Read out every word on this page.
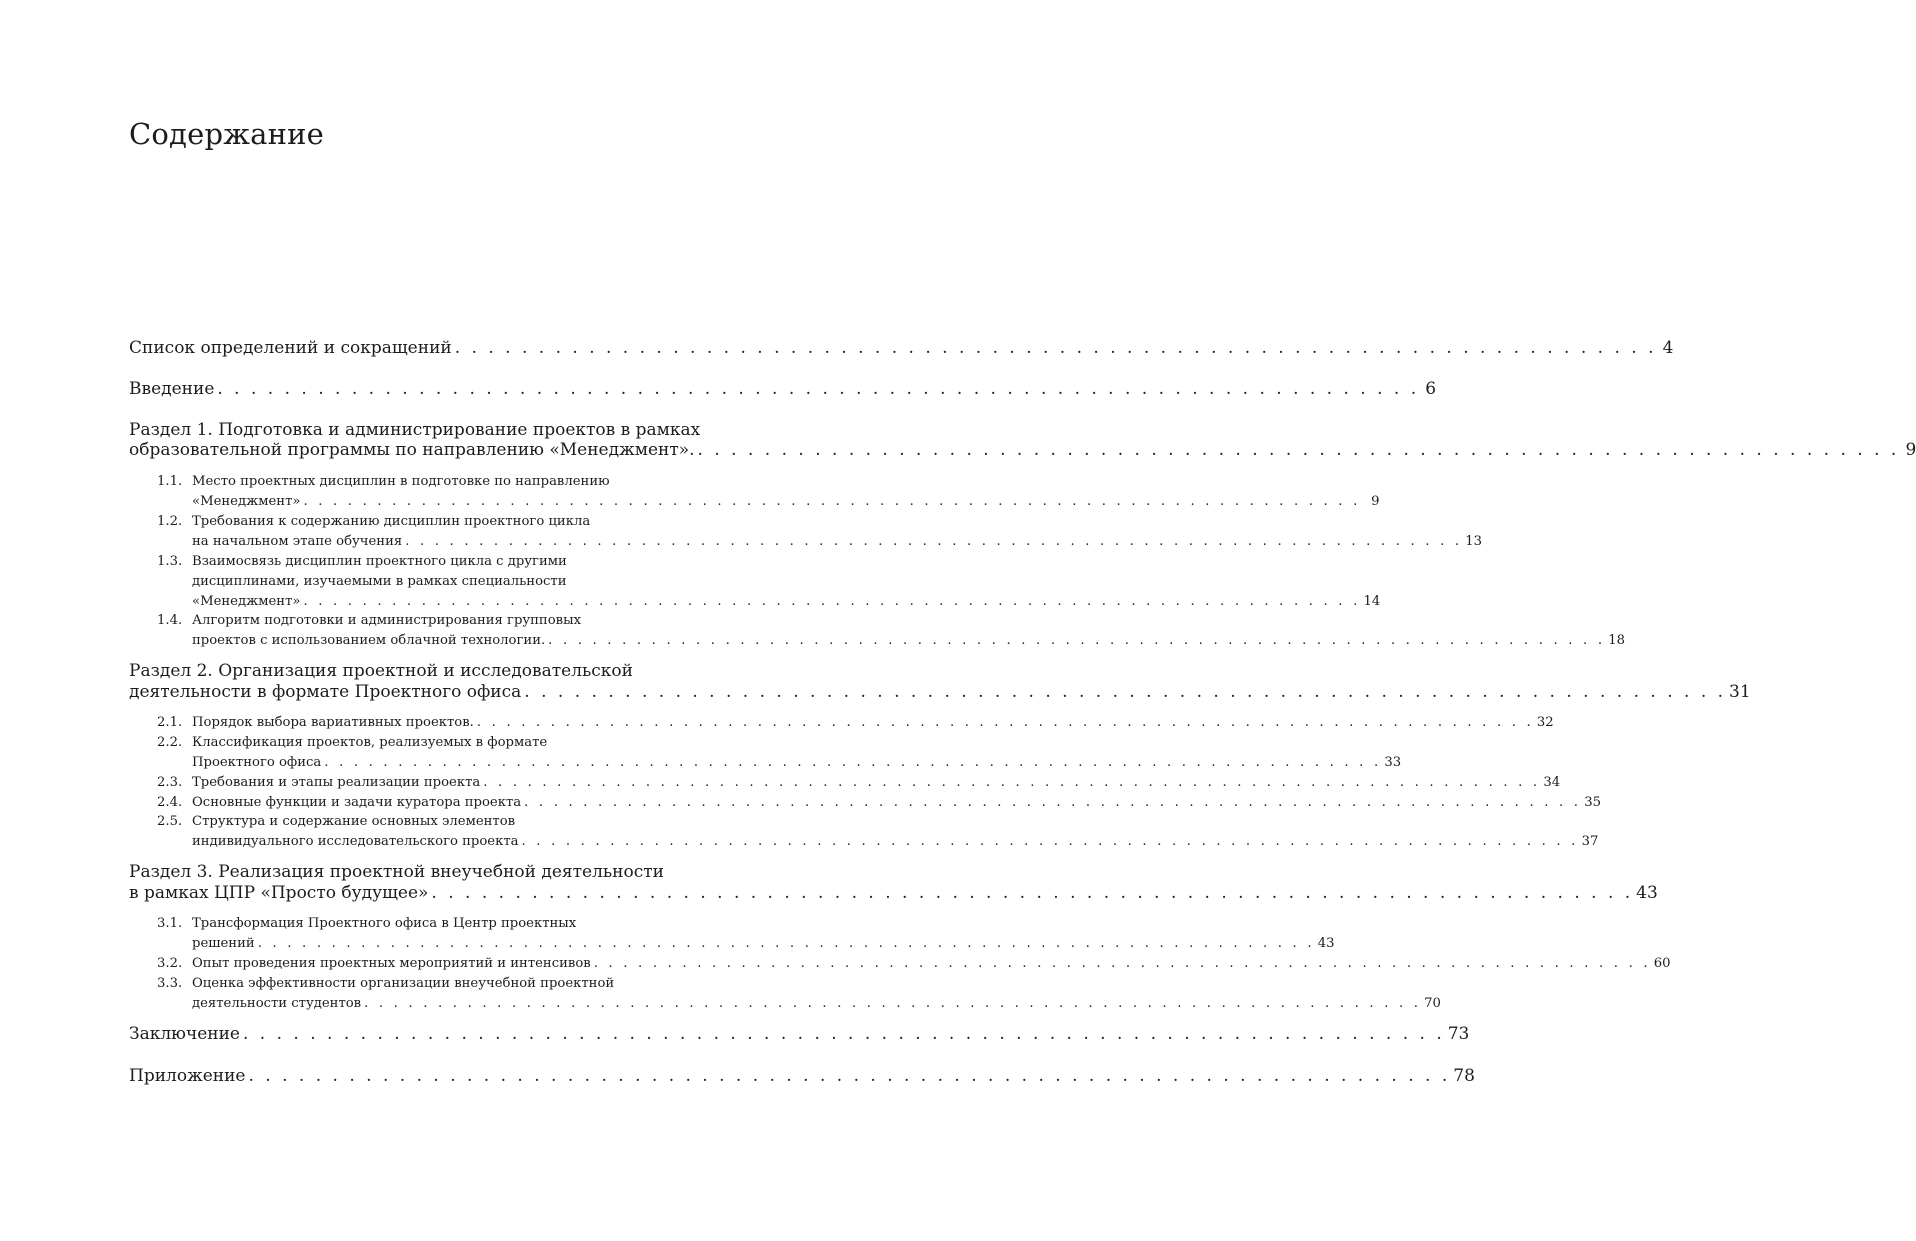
Содержание
Список определений и сокращений . . . . . . . . . . . . . . . . . . . . . . . . . . . . . . . . . . . . . . . . . . . . . . . . . . . . . . . . . . . . . . . . . . . . . . . . 4
Введение . . . . . . . . . . . . . . . . . . . . . . . . . . . . . . . . . . . . . . . . . . . . . . . . . . . . . . . . . . . . . . . . . . . . . . . . 6
Раздел 1. Подготовка и администрирование проектов в рамках
образовательной программы по направлению «Менеджмент». . . . . . . . . . . . . . . . . . . . . . . . . . . . . . . . . . . . . . . . . . . . . . . . . . . . . . . . . . . . . . . . . . . . . . . . . 9
Место проектных дисциплин в подготовке по направлению
«Менеджмент» . . . . . . . . . . . . . . . . . . . . . . . . . . . . . . . . . . . . . . . . . . . . . . . . . . . . . . . . . . . . . . . . . . . . . . . . 9
1.1.
Требования к содержанию дисциплин проектного цикла
на начальном этапе обучения . . . . . . . . . . . . . . . . . . . . . . . . . . . . . . . . . . . . . . . . . . . . . . . . . . . . . . . . . . . . . . . . . . . . . . . . 13
1.2.
Взаимосвязь дисциплин проектного цикла с другими
дисциплинами, изучаемыми в рамках специальности
«Менеджмент» . . . . . . . . . . . . . . . . . . . . . . . . . . . . . . . . . . . . . . . . . . . . . . . . . . . . . . . . . . . . . . . . . . . . . . . . 14
1.3.
Алгоритм подготовки и администрирования групповых
проектов с использованием облачной технологии. . . . . . . . . . . . . . . . . . . . . . . . . . . . . . . . . . . . . . . . . . . . . . . . . . . . . . . . . . . . . . . . . . . . . . . . . 18
1.4.
Раздел 2. Организация проектной и исследовательской
деятельности в формате Проектного офиса . . . . . . . . . . . . . . . . . . . . . . . . . . . . . . . . . . . . . . . . . . . . . . . . . . . . . . . . . . . . . . . . . . . . . . . . 31
Порядок выбора вариативных проектов. . . . . . . . . . . . . . . . . . . . . . . . . . . . . . . . . . . . . . . . . . . . . . . . . . . . . . . . . . . . . . . . . . . . . . . . . 32
2.1.
Классификация проектов, реализуемых в формате
Проектного офиса . . . . . . . . . . . . . . . . . . . . . . . . . . . . . . . . . . . . . . . . . . . . . . . . . . . . . . . . . . . . . . . . . . . . . . . . 33
2.2.
Требования и этапы реализации проекта . . . . . . . . . . . . . . . . . . . . . . . . . . . . . . . . . . . . . . . . . . . . . . . . . . . . . . . . . . . . . . . . . . . . . . . . 34
2.3.
Основные функции и задачи куратора проекта . . . . . . . . . . . . . . . . . . . . . . . . . . . . . . . . . . . . . . . . . . . . . . . . . . . . . . . . . . . . . . . . . . . . . . . . 35
2.4.
Структура и содержание основных элементов
индивидуального исследовательского проекта . . . . . . . . . . . . . . . . . . . . . . . . . . . . . . . . . . . . . . . . . . . . . . . . . . . . . . . . . . . . . . . . . . . . . . . . 37
2.5.
Раздел 3. Реализация проектной внеучебной деятельности
в рамках ЦПР «Просто будущее» . . . . . . . . . . . . . . . . . . . . . . . . . . . . . . . . . . . . . . . . . . . . . . . . . . . . . . . . . . . . . . . . . . . . . . . . 43
Трансформация Проектного офиса в Центр проектных
решений . . . . . . . . . . . . . . . . . . . . . . . . . . . . . . . . . . . . . . . . . . . . . . . . . . . . . . . . . . . . . . . . . . . . . . . . 43
3.1.
Опыт проведения проектных мероприятий и интенсивов . . . . . . . . . . . . . . . . . . . . . . . . . . . . . . . . . . . . . . . . . . . . . . . . . . . . . . . . . . . . . . . . . . . . . . . . 60
3.2.
Оценка эффективности организации внеучебной проектной
деятельности студентов . . . . . . . . . . . . . . . . . . . . . . . . . . . . . . . . . . . . . . . . . . . . . . . . . . . . . . . . . . . . . . . . . . . . . . . . 70
3.3.
Заключение . . . . . . . . . . . . . . . . . . . . . . . . . . . . . . . . . . . . . . . . . . . . . . . . . . . . . . . . . . . . . . . . . . . . . . . . 73
Приложение . . . . . . . . . . . . . . . . . . . . . . . . . . . . . . . . . . . . . . . . . . . . . . . . . . . . . . . . . . . . . . . . . . . . . . . . 78
